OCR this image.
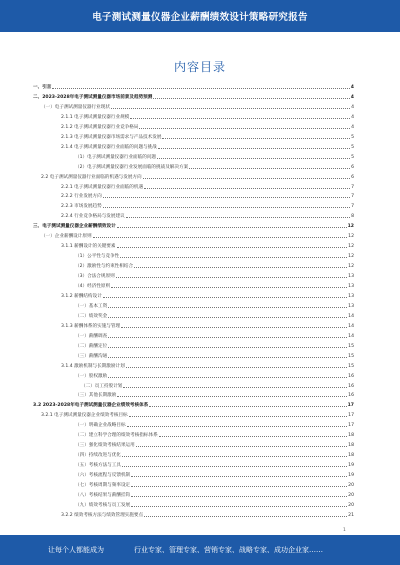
电子测试测量仪器企业薪酬绩效设计策略研究报告
内容目录
一、引言	4
二、2023-2028年电子测试测量仪器市场前景及趋势预测	4
（一）电子测试测量仪器行业现状	4
2.1.1 电子测试测量仪器行业规模	4
2.1.2 电子测试测量仪器行业竞争格局	4
2.1.3 电子测试测量仪器市场需求与产品技术发展	5
2.1.4 电子测试测量仪器行业面临的问题与挑战	5
（1）电子测试测量仪器行业面临的问题	5
（2）电子测试测量仪器行业发展面临的挑战及解决方案	6
2.2 电子测试测量仪器行业面临的机遇与发展方向	6
2.2.1 电子测试测量仪器行业面临的机遇	7
2.2.2 行业发展方向	7
2.2.3 市场发展趋势	7
2.2.4 行业竞争格局与发展建议	8
三、电子测试测量仪器企业薪酬绩效设计	12
（一）企业薪酬设计原则	12
3.1.1 薪酬设计的关键要素	12
（1）公平性与竞争性	12
（2）激励性与约束性相结合	12
（3）合法合规原则	13
（4）经济性原则	13
3.1.2 薪酬结构设计	13
（一）基本工资	13
（二）绩效奖金	14
3.1.3 薪酬体系的实施与管理	14
（一）薪酬调查	14
（二）薪酬定位	15
（三）薪酬沟通	15
3.1.4 激励机制与长期激励计划	15
（一）股权激励	16
（二）员工持股计划	16
（三）其他长期激励	16
3.2 2023-2028年电子测试测量仪器企业绩效考核体系	17
3.2.1 电子测试测量仪器企业绩效考核目标	17
（一）明确企业战略目标	17
（二）建立科学合理的绩效考核指标体系	18
（三）强化绩效考核结果运用	18
（四）持续改进与优化	18
（五）考核方法与工具	19
（六）考核流程与反馈机制	19
（七）考核周期与频率设定	20
（八）考核结果与薪酬挂钩	20
（九）绩效考核与员工发展	20
3.2.2 绩效考核方法与绩效管理实施要点	21
1
让每个人都能成为	行业专家、管理专家、营销专家、战略专家、成功企业家……
